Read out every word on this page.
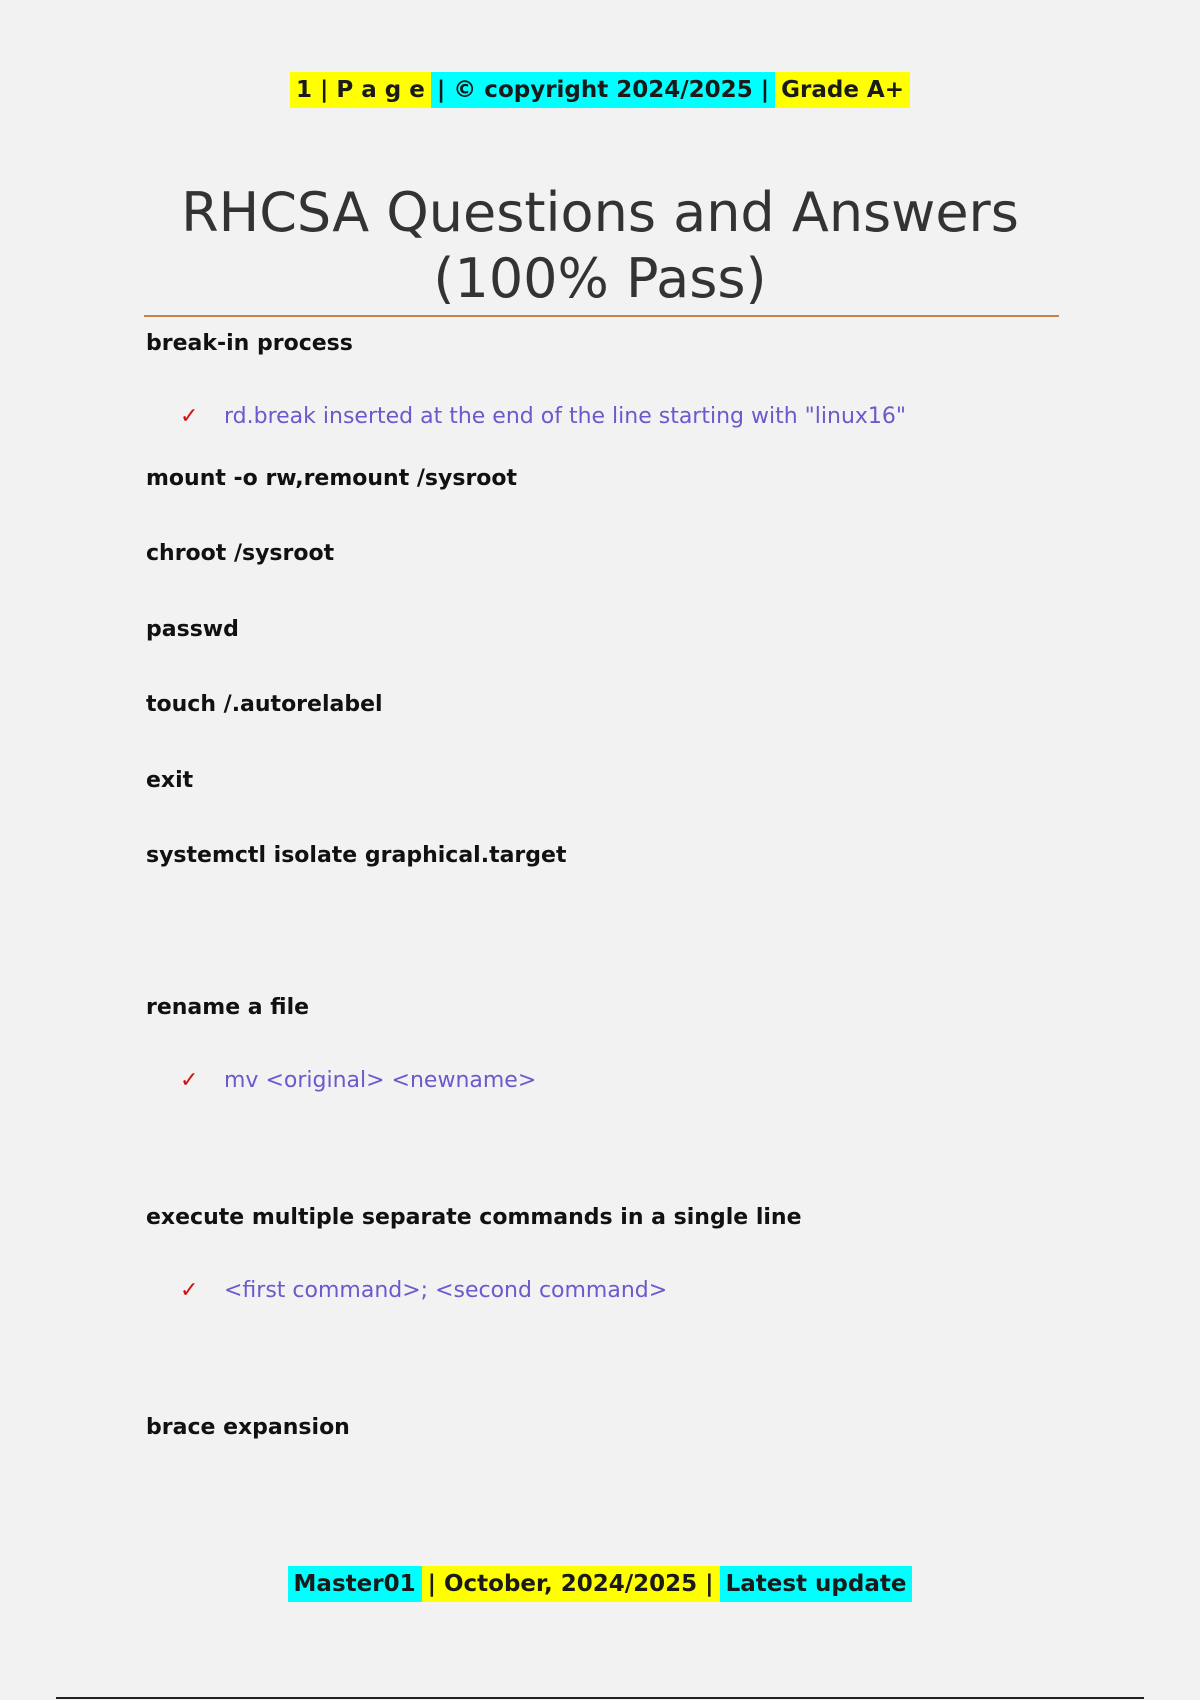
1 | P a g e | © copyright 2024/2025 | Grade A+
RHCSA Questions and Answers
(100% Pass)
break-in process
✓	rd.break inserted at the end of the line starting with "linux16"
mount -o rw,remount /sysroot
chroot /sysroot
passwd
touch /.autorelabel
exit
systemctl isolate graphical.target
rename a file
✓	mv <original> <newname>
execute multiple separate commands in a single line
✓	<first command>; <second command>
brace expansion
Master01 | October, 2024/2025 | Latest update
